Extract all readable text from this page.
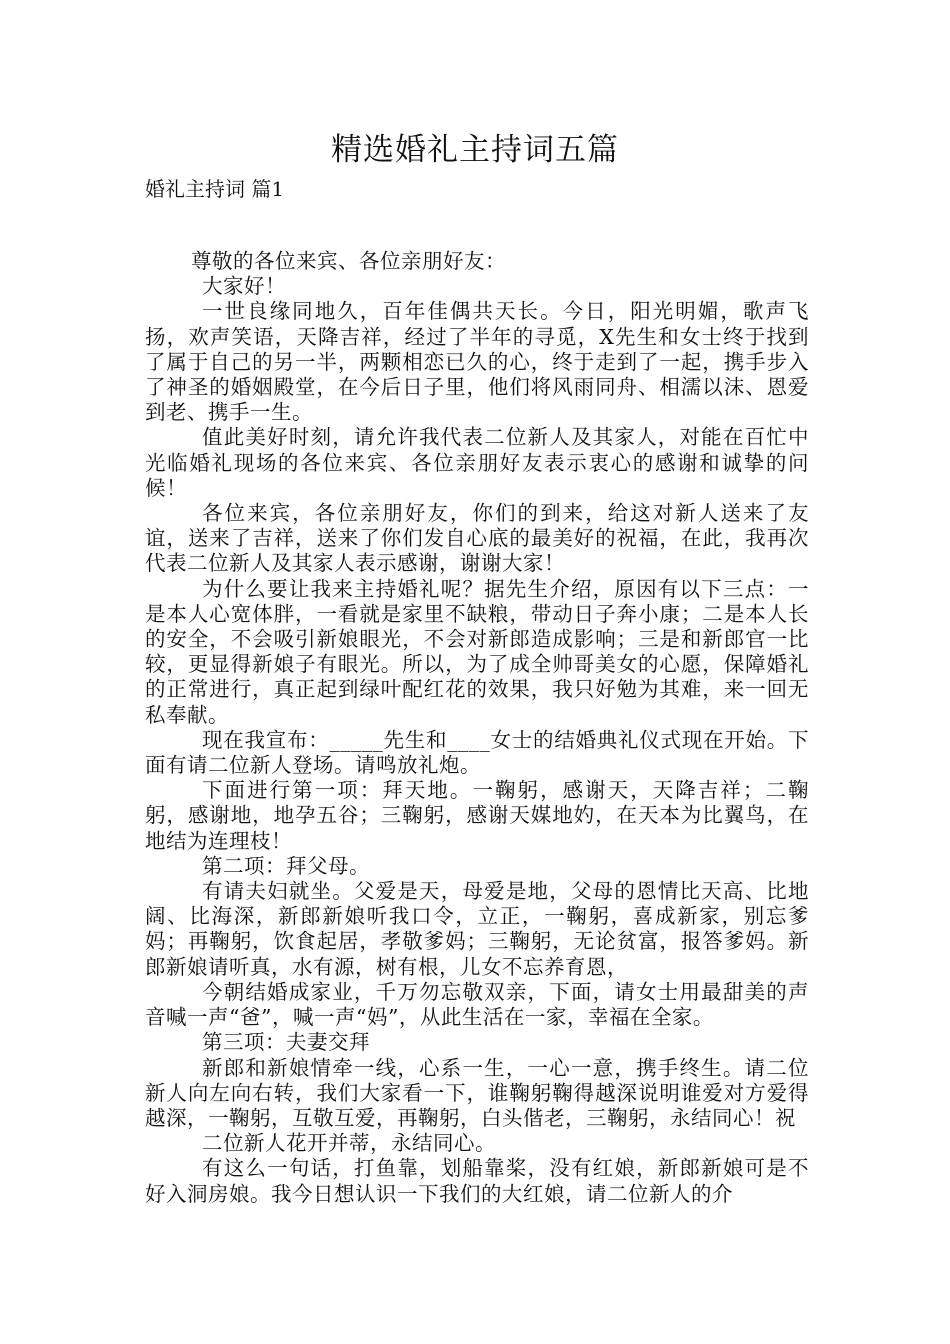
精选婚礼主持词五篇
婚礼主持词 篇1

尊敬的各位来宾、各位亲朋好友：

大家好！

一世良缘同地久，百年佳偶共天长。今日，阳光明媚，歌声飞扬，欢声笑语，天降吉祥，经过了半年的寻觅，X先生和女士终于找到了属于自己的另一半，两颗相恋已久的心，终于走到了一起，携手步入了神圣的婚姻殿堂，在今后日子里，他们将风雨同舟、相濡以沫、恩爱到老、携手一生。

值此美好时刻，请允许我代表二位新人及其家人，对能在百忙中光临婚礼现场的各位来宾、各位亲朋好友表示衷心的感谢和诚挚的问候！

各位来宾，各位亲朋好友，你们的到来，给这对新人送来了友谊，送来了吉祥，送来了你们发自心底的最美好的祝福，在此，我再次代表二位新人及其家人表示感谢，谢谢大家！

为什么要让我来主持婚礼呢？据先生介绍，原因有以下三点：一是本人心宽体胖，一看就是家里不缺粮，带动日子奔小康；二是本人长的安全，不会吸引新娘眼光，不会对新郎造成影响；三是和新郎官一比较，更显得新娘子有眼光。所以，为了成全帅哥美女的心愿，保障婚礼的正常进行，真正起到绿叶配红花的效果，我只好勉为其难，来一回无私奉献。

现在我宣布：_____先生和____女士的结婚典礼仪式现在开始。下面有请二位新人登场。请鸣放礼炮。

下面进行第一项：拜天地。一鞠躬，感谢天，天降吉祥；二鞠躬，感谢地，地孕五谷；三鞠躬，感谢天媒地妁，在天本为比翼鸟，在地结为连理枝！

第二项：拜父母。

有请夫妇就坐。父爱是天，母爱是地，父母的恩情比天高、比地阔、比海深，新郎新娘听我口令，立正，一鞠躬，喜成新家，别忘爹妈；再鞠躬，饮食起居，孝敬爹妈；三鞠躬，无论贫富，报答爹妈。新郎新娘请听真，水有源，树有根，儿女不忘养育恩，

今朝结婚成家业，千万勿忘敬双亲，下面，请女士用最甜美的声音喊一声“爸”，喊一声“妈”，从此生活在一家，幸福在全家。

第三项：夫妻交拜

新郎和新娘情牵一线，心系一生，一心一意，携手终生。请二位新人向左向右转，我们大家看一下，谁鞠躬鞠得越深说明谁爱对方爱得越深，一鞠躬，互敬互爱，再鞠躬，白头偕老，三鞠躬，永结同心！祝

二位新人花开并蒂，永结同心。

有这么一句话，打鱼靠，划船靠桨，没有红娘，新郎新娘可是不好入洞房娘。我今日想认识一下我们的大红娘，请二位新人的介
